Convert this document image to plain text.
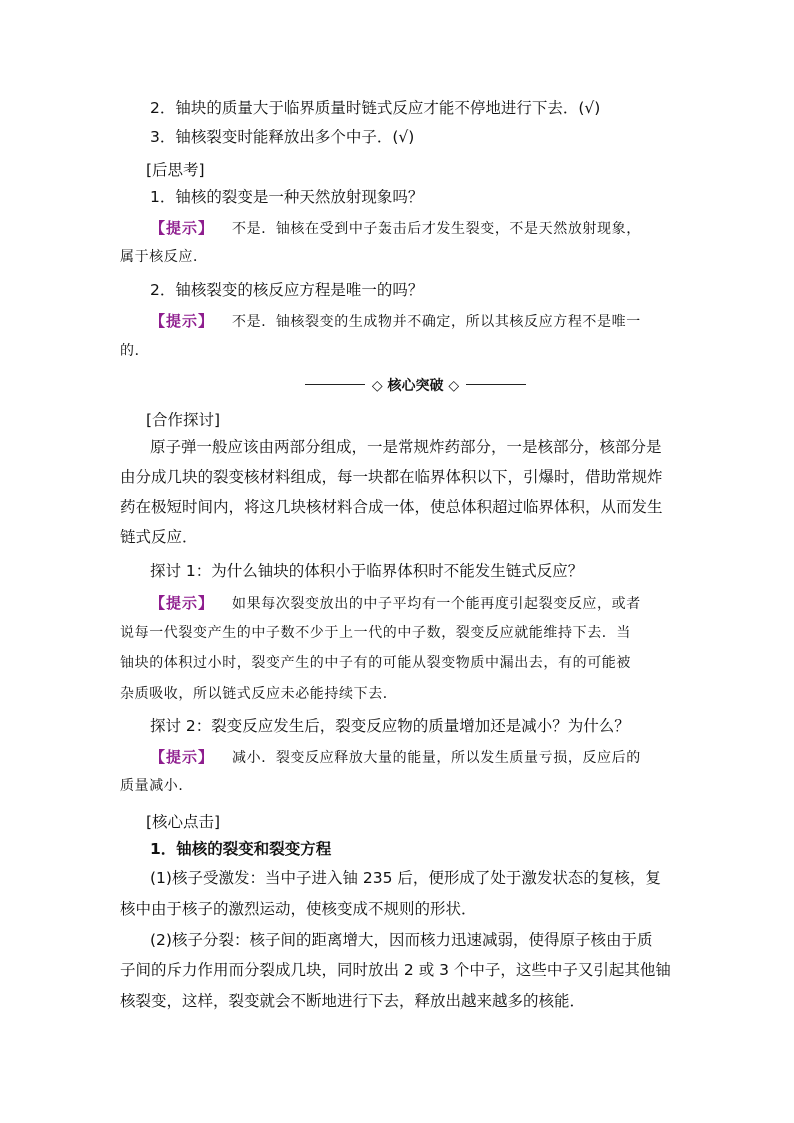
2．铀块的质量大于临界质量时链式反应才能不停地进行下去．(√)
3．铀核裂变时能释放出多个中子．(√)
[后思考]
1．铀核的裂变是一种天然放射现象吗？
【提示】 不是．铀核在受到中子轰击后才发生裂变，不是天然放射现象，
属于核反应．
2．铀核裂变的核反应方程是唯一的吗？
【提示】 不是．铀核裂变的生成物并不确定，所以其核反应方程不是唯一
的．
[合作探讨]
原子弹一般应该由两部分组成，一是常规炸药部分，一是核部分，核部分是
由分成几块的裂变核材料组成，每一块都在临界体积以下，引爆时，借助常规炸
药在极短时间内，将这几块核材料合成一体，使总体积超过临界体积，从而发生
链式反应．
探讨 1：为什么铀块的体积小于临界体积时不能发生链式反应？
【提示】 如果每次裂变放出的中子平均有一个能再度引起裂变反应，或者
说每一代裂变产生的中子数不少于上一代的中子数，裂变反应就能维持下去．当
铀块的体积过小时，裂变产生的中子有的可能从裂变物质中漏出去，有的可能被
杂质吸收，所以链式反应未必能持续下去．
探讨 2：裂变反应发生后，裂变反应物的质量增加还是减小？为什么？
【提示】 减小．裂变反应释放大量的能量，所以发生质量亏损，反应后的
质量减小．
[核心点击]
1．铀核的裂变和裂变方程
(1)核子受激发：当中子进入铀 235 后，便形成了处于激发状态的复核，复
核中由于核子的激烈运动，使核变成不规则的形状．
(2)核子分裂：核子间的距离增大，因而核力迅速减弱，使得原子核由于质
子间的斥力作用而分裂成几块，同时放出 2 或 3 个中子，这些中子又引起其他铀
核裂变，这样，裂变就会不断地进行下去，释放出越来越多的核能．
◇ 核心突破 ◇
